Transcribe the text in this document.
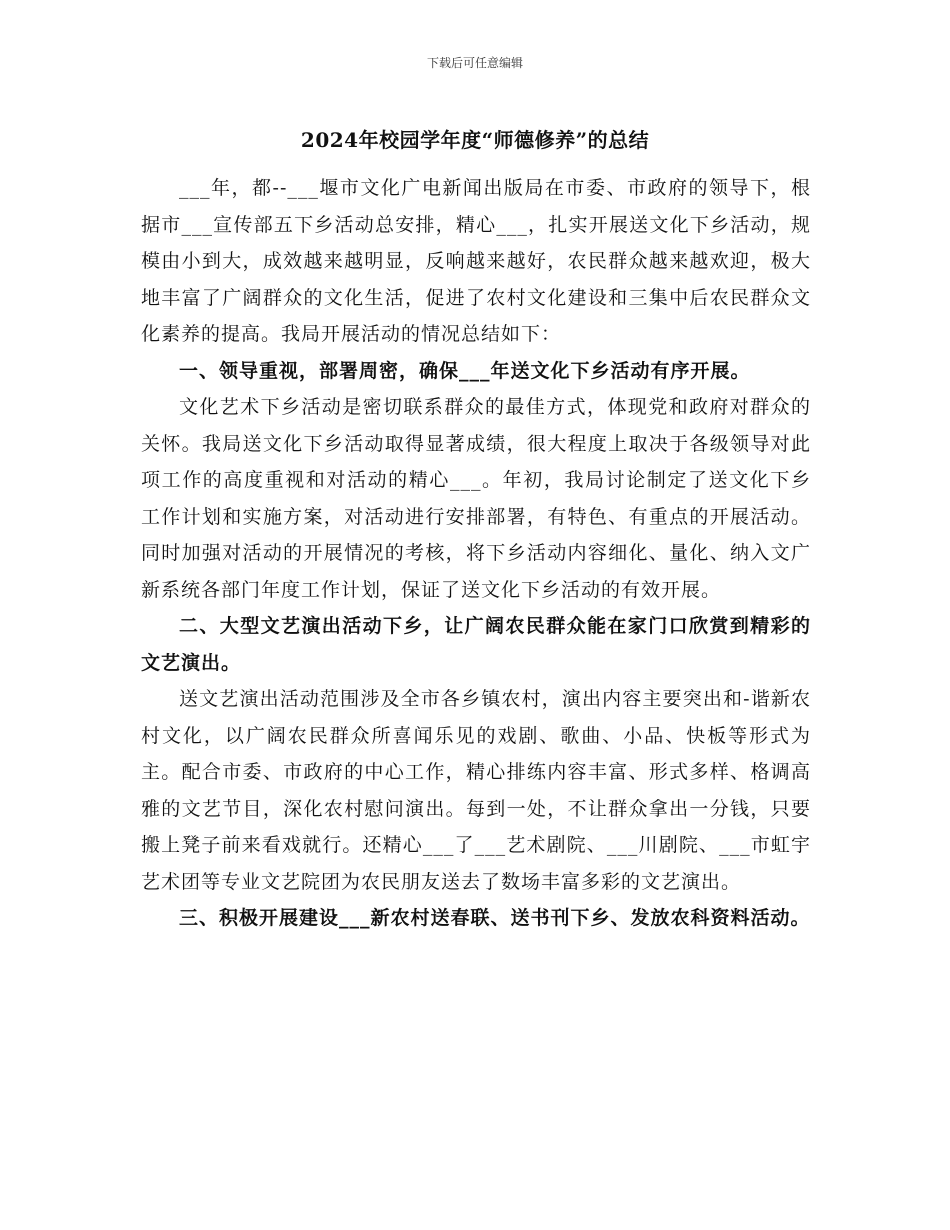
下载后可任意编辑
2024年校园学年度“师德修养”的总结

___年，都--___堰市文化广电新闻出版局在市委、市政府的领导下，根据市___宣传部五下乡活动总安排，精心___，扎实开展送文化下乡活动，规模由小到大，成效越来越明显，反响越来越好，农民群众越来越欢迎，极大地丰富了广阔群众的文化生活，促进了农村文化建设和三集中后农民群众文化素养的提高。我局开展活动的情况总结如下：

一、领导重视，部署周密，确保___年送文化下乡活动有序开展。

文化艺术下乡活动是密切联系群众的最佳方式，体现党和政府对群众的关怀。我局送文化下乡活动取得显著成绩，很大程度上取决于各级领导对此项工作的高度重视和对活动的精心___。年初，我局讨论制定了送文化下乡工作计划和实施方案，对活动进行安排部署，有特色、有重点的开展活动。同时加强对活动的开展情况的考核，将下乡活动内容细化、量化、纳入文广新系统各部门年度工作计划，保证了送文化下乡活动的有效开展。

二、大型文艺演出活动下乡，让广阔农民群众能在家门口欣赏到精彩的文艺演出。

送文艺演出活动范围涉及全市各乡镇农村，演出内容主要突出和-谐新农村文化，以广阔农民群众所喜闻乐见的戏剧、歌曲、小品、快板等形式为主。配合市委、市政府的中心工作，精心排练内容丰富、形式多样、格调高雅的文艺节目，深化农村慰问演出。每到一处，不让群众拿出一分钱，只要搬上凳子前来看戏就行。还精心___了___艺术剧院、___川剧院、___市虹宇艺术团等专业文艺院团为农民朋友送去了数场丰富多彩的文艺演出。

三、积极开展建设___新农村送春联、送书刊下乡、发放农科资料活动。
